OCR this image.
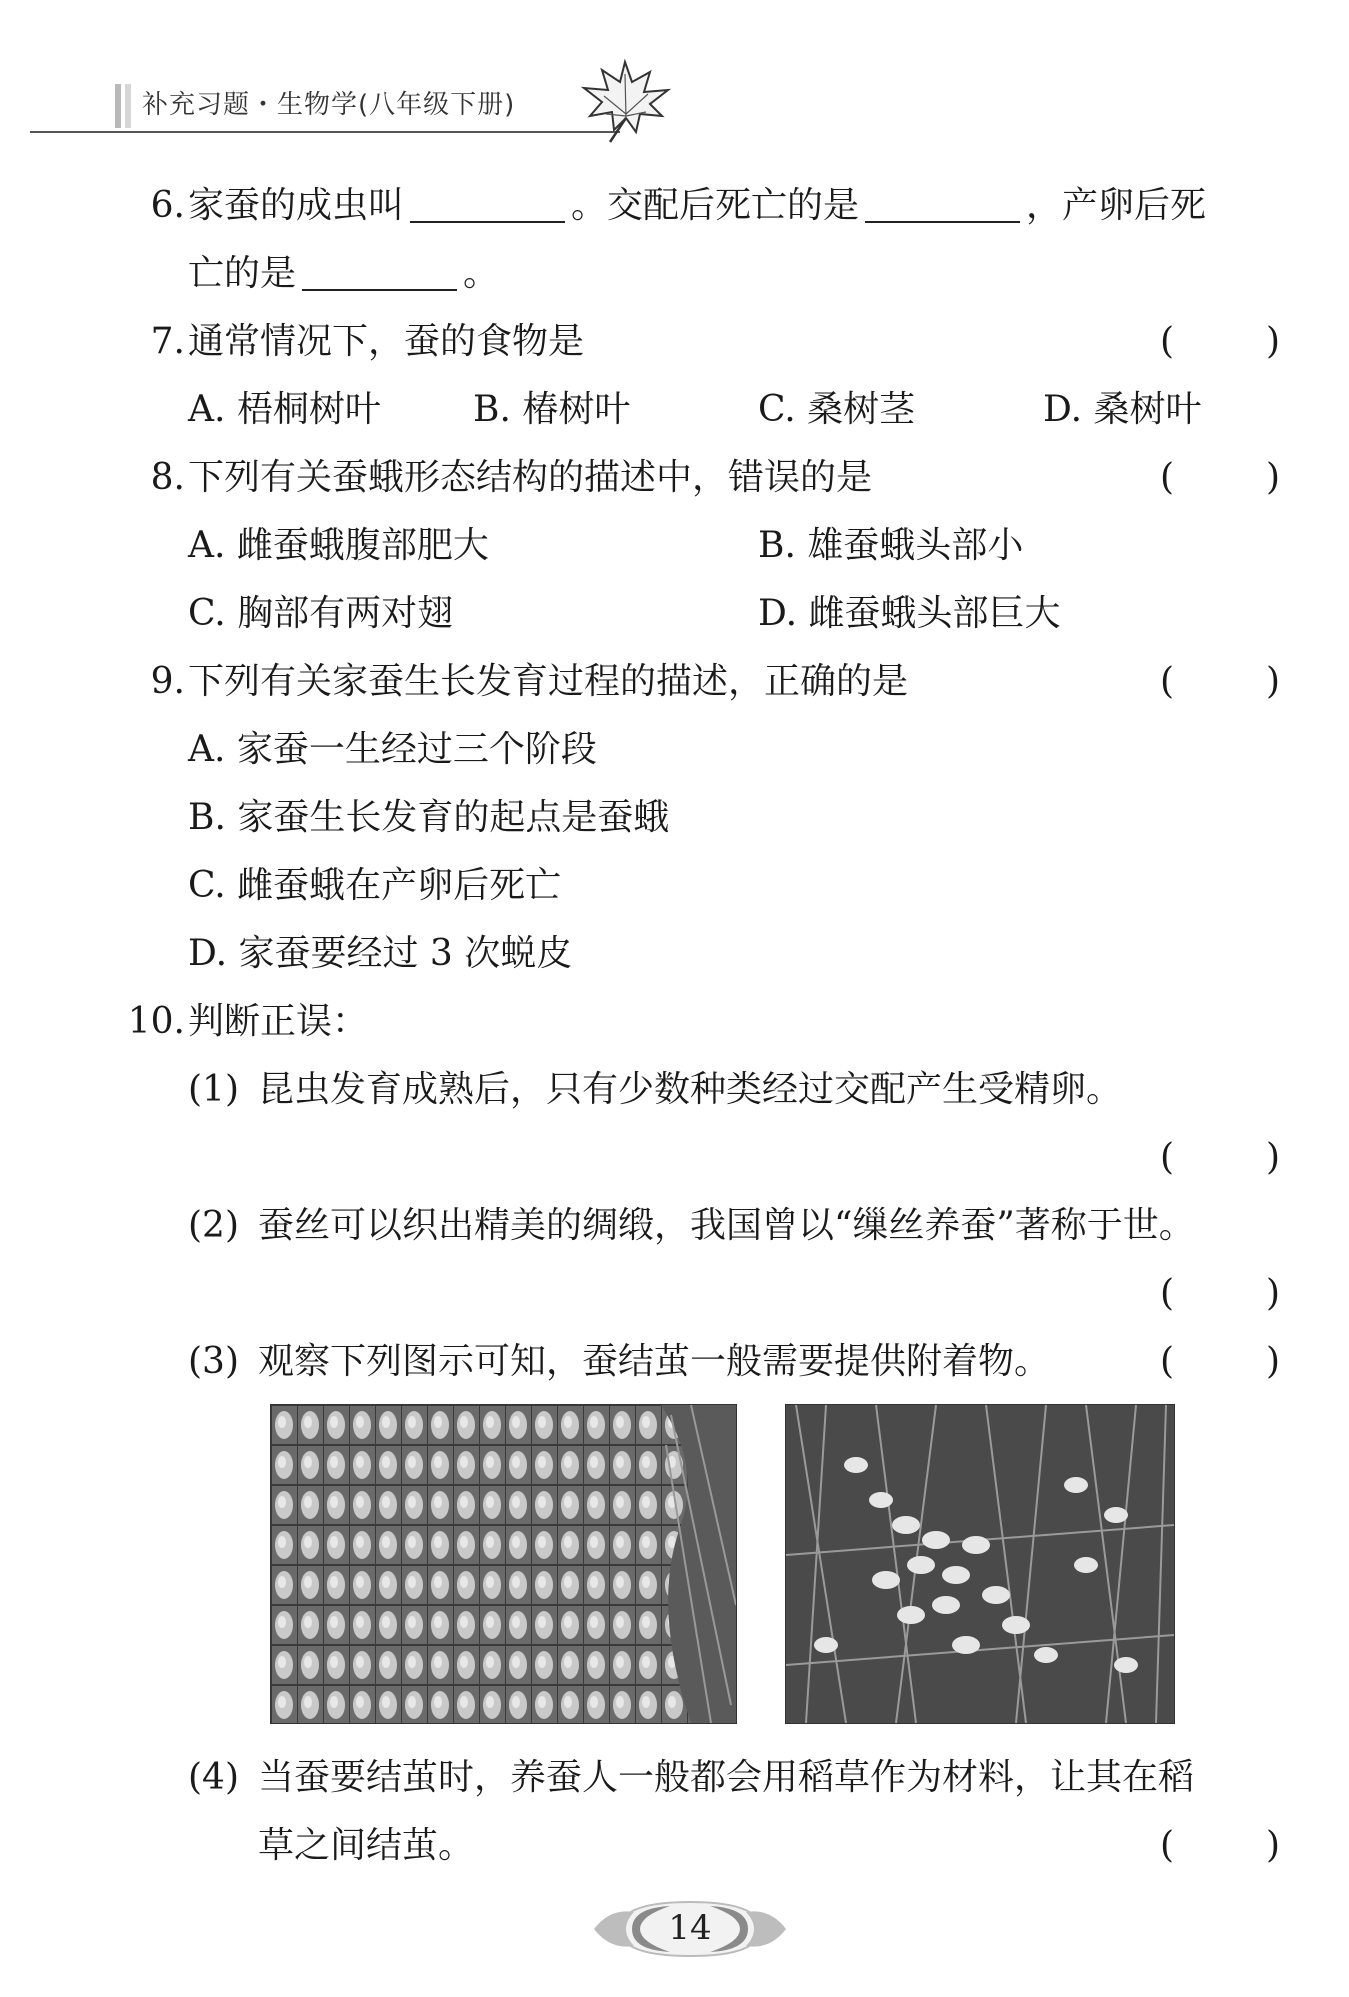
补充习题・生物学(八年级下册)
6. 家蚕的成虫叫	。交配后死亡的是	，产卵后死
亡的是	。
7. 通常情况下，蚕的食物是	(	)
A. 梧桐树叶	B. 椿树叶	C. 桑树茎	D. 桑树叶
8. 下列有关蚕蛾形态结构的描述中，错误的是	(	)
A. 雌蚕蛾腹部肥大	B. 雄蚕蛾头部小
C. 胸部有两对翅	D. 雌蚕蛾头部巨大
9. 下列有关家蚕生长发育过程的描述，正确的是	(	)
A. 家蚕一生经过三个阶段
B. 家蚕生长发育的起点是蚕蛾
C. 雌蚕蛾在产卵后死亡
D. 家蚕要经过 3 次蜕皮
10. 判断正误：
(1) 昆虫发育成熟后，只有少数种类经过交配产生受精卵。
(	)
(2) 蚕丝可以织出精美的绸缎，我国曾以“缫丝养蚕”著称于世。
(	)
(3) 观察下列图示可知，蚕结茧一般需要提供附着物。	(	)
(4) 当蚕要结茧时，养蚕人一般都会用稻草作为材料，让其在稻
草之间结茧。	(	)
14
